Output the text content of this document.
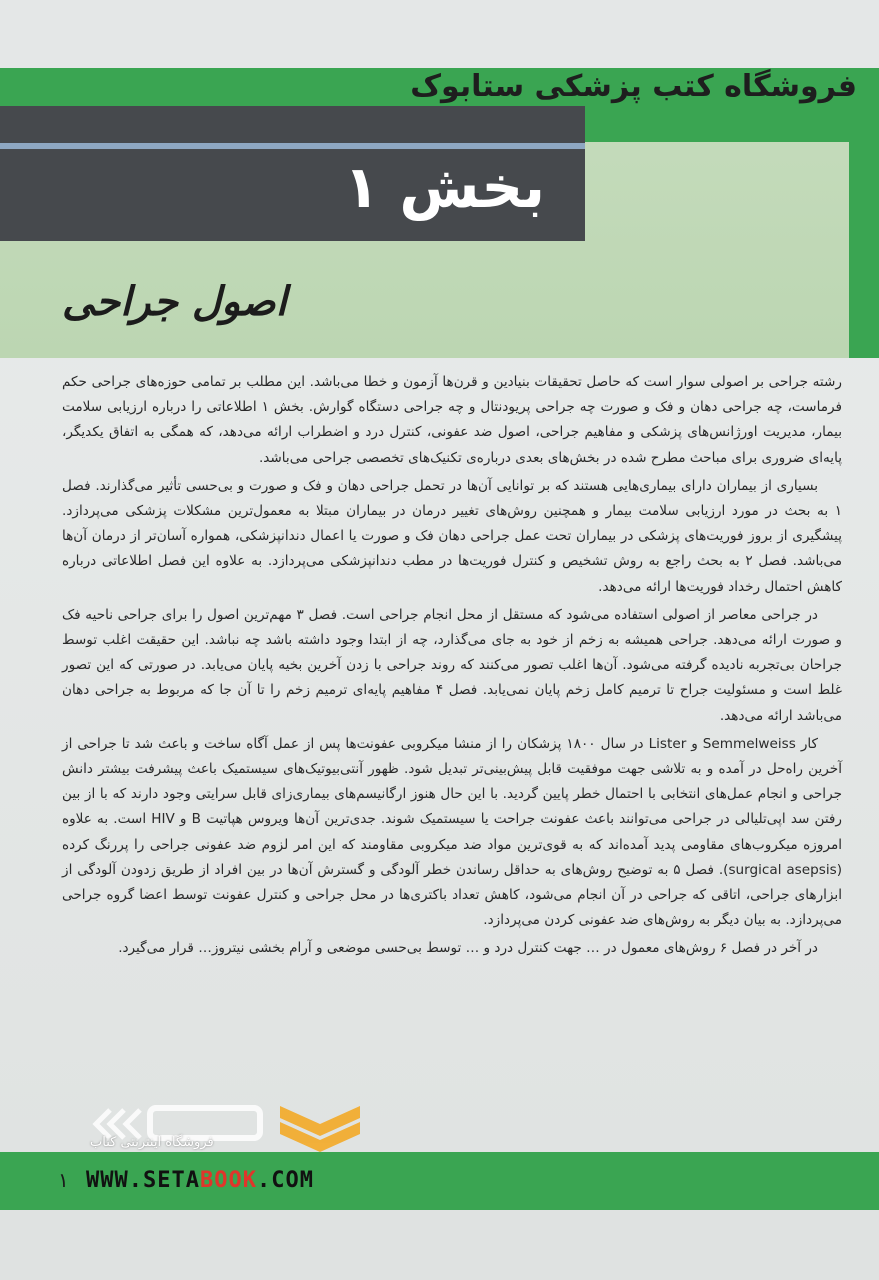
فروشگاه کتب پزشکی ستابوک
بخش ۱
اصول جراحی

رشته جراحی بر اصولی سوار است که حاصل تحقیقات بنیادین و قرن‌ها آزمون و خطا می‌باشد. این مطلب بر تمامی حوزه‌های جراحی حکم فرماست، چه جراحی دهان و فک و صورت چه جراحی پریودنتال و چه جراحی دستگاه گوارش. بخش ۱ اطلاعاتی را درباره ارزیابی سلامت بیمار، مدیریت اورژانس‌های پزشکی و مفاهیم جراحی، اصول ضد عفونی، کنترل درد و اضطراب ارائه می‌دهد، که همگی به اتفاق یکدیگر، پایه‌ای ضروری برای مباحث مطرح شده در بخش‌های بعدی درباره‌ی تکنیک‌های تخصصی جراحی می‌باشد.

بسیاری از بیماران دارای بیماری‌هایی هستند که بر توانایی آن‌ها در تحمل جراحی دهان و فک و صورت و بی‌حسی تأثیر می‌گذارند. فصل ۱ به بحث در مورد ارزیابی سلامت بیمار و همچنین روش‌های تغییر درمان در بیماران مبتلا به معمول‌ترین مشکلات پزشکی می‌پردازد. پیشگیری از بروز فوریت‌های پزشکی در بیماران تحت عمل جراحی دهان فک و صورت یا اعمال دندانپزشکی، همواره آسان‌تر از درمان آن‌ها می‌باشد. فصل ۲ به بحث راجع به روش تشخیص و کنترل فوریت‌ها در مطب دندانپزشکی می‌پردازد. به علاوه این فصل اطلاعاتی درباره کاهش احتمال رخداد فوریت‌ها ارائه می‌دهد.

در جراحی معاصر از اصولی استفاده می‌شود که مستقل از محل انجام جراحی است. فصل ۳ مهم‌ترین اصول را برای جراحی ناحیه فک و صورت ارائه می‌دهد. جراحی همیشه به زخم از خود به جای می‌گذارد، چه از ابتدا وجود داشته باشد چه نباشد. این حقیقت اغلب توسط جراحان بی‌تجربه نادیده گرفته می‌شود. آن‌ها اغلب تصور می‌کنند که روند جراحی با زدن آخرین بخیه پایان می‌یابد. در صورتی که این تصور غلط است و مسئولیت جراح تا ترمیم کامل زخم پایان نمی‌یابد. فصل ۴ مفاهیم پایه‌ای ترمیم زخم را تا آن جا که مربوط به جراحی دهان می‌باشد ارائه می‌دهد.

کار Semmelweiss و Lister در سال ۱۸۰۰ پزشکان را از منشا میکروبی عفونت‌ها پس از عمل آگاه ساخت و باعث شد تا جراحی از آخرین راه‌حل در آمده و به تلاشی جهت موفقیت قابل پیش‌بینی‌تر تبدیل شود. ظهور آنتی‌بیوتیک‌های سیستمیک باعث پیشرفت بیشتر دانش جراحی و انجام عمل‌های انتخابی با احتمال خطر پایین گردید. با این حال هنوز ارگانیسم‌های بیماری‌زای قابل سرایتی وجود دارند که با از بین رفتن سد اپی‌تلیالی در جراحی می‌توانند باعث عفونت جراحت یا سیستمیک شوند. جدی‌ترین آن‌ها ویروس هپاتیت B و HIV است. به علاوه امروزه میکروب‌های مقاومی پدید آمده‌اند که به قوی‌ترین مواد ضد میکروبی مقاومند که این امر لزوم ضد عفونی جراحی را پررنگ کرده (surgical asepsis). فصل ۵ به توضیح روش‌های به حداقل رساندن خطر آلودگی و گسترش آن‌ها در بین افراد از طریق زدودن آلودگی از ابزارهای جراحی، اتاقی که جراحی در آن انجام می‌شود، کاهش تعداد باکتری‌ها در محل جراحی و کنترل عفونت توسط اعضا گروه جراحی می‌پردازد. به بیان دیگر به روش‌های ضد عفونی کردن می‌پردازد.

در آخر در فصل ۶ روش‌های معمول در … جهت کنترل درد و … توسط بی‌حسی موضعی و آرام بخشی نیتروز… قرار می‌گیرد.

فروشگاه اینترنتی کتاب
۱ WWW.SETABOOK.COM
